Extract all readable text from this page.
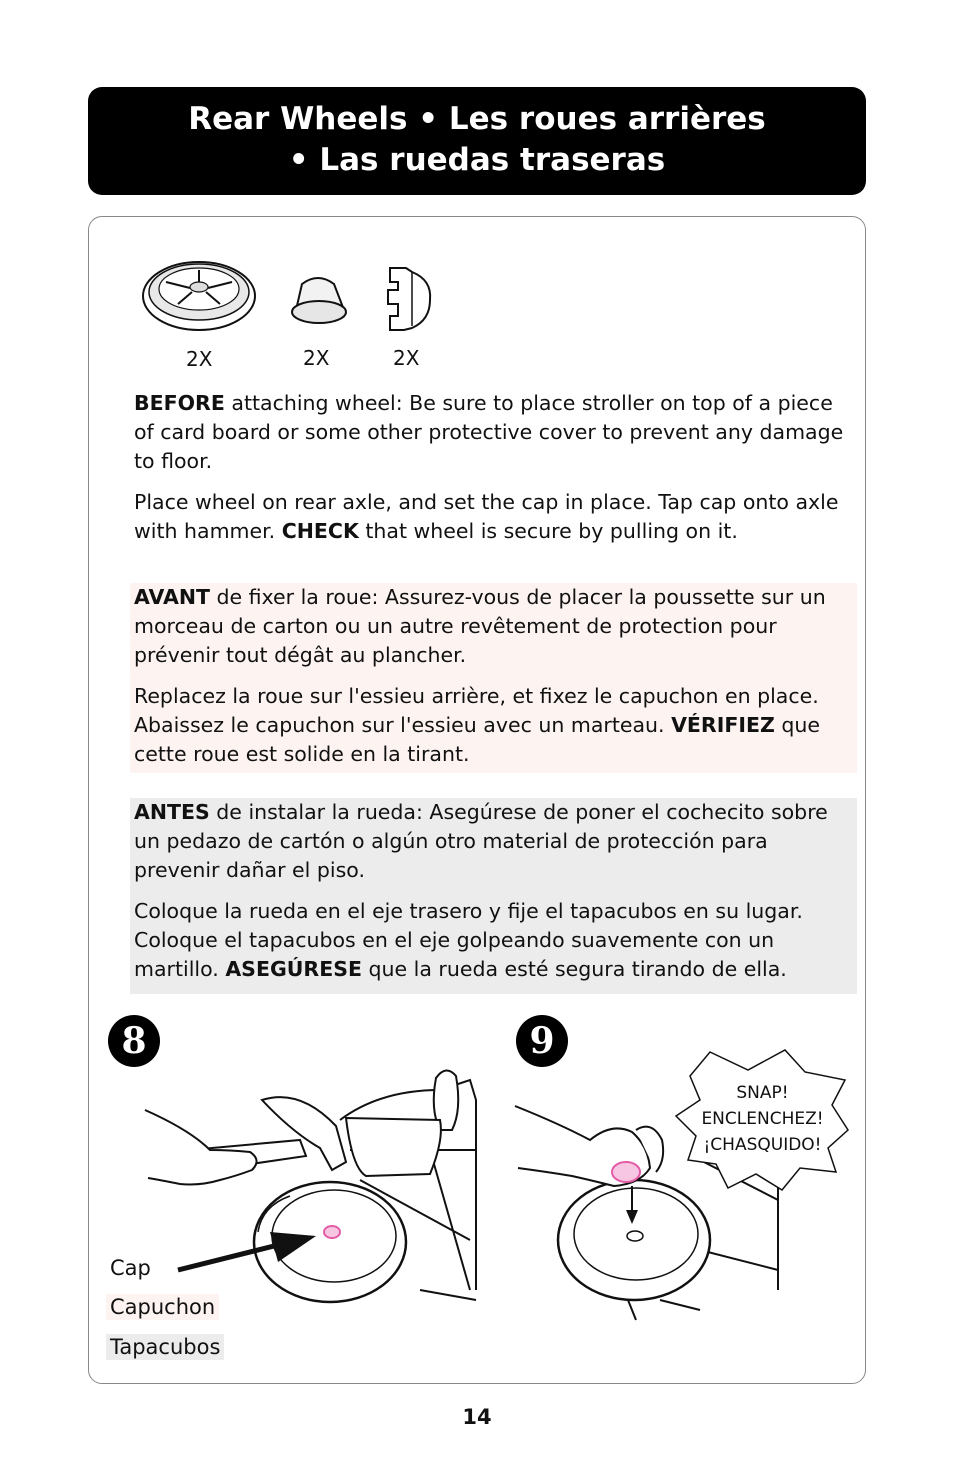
Rear Wheels • Les roues arrières
• Las ruedas traseras
2X	2X	2X

BEFORE attaching wheel: Be sure to place stroller on top of a piece of card board or some other protective cover to prevent any damage to floor.

Place wheel on rear axle, and set the cap in place. Tap cap onto axle with hammer. CHECK that wheel is secure by pulling on it.

AVANT de fixer la roue: Assurez-vous de placer la poussette sur un morceau de carton ou un autre revêtement de protection pour prévenir tout dégât au plancher.

Replacez la roue sur l'essieu arrière, et fixez le capuchon en place. Abaissez le capuchon sur l'essieu avec un marteau. VÉRIFIEZ que cette roue est solide en la tirant.

ANTES de instalar la rueda: Asegúrese de poner el cochecito sobre un pedazo de cartón o algún otro material de protección para prevenir dañar el piso.

Coloque la rueda en el eje trasero y fije el tapacubos en su lugar. Coloque el tapacubos en el eje golpeando suavemente con un martillo. ASEGÚRESE que la rueda esté segura tirando de ella.

8	9
SNAP!
ENCLENCHEZ!
¡CHASQUIDO!
Cap
Capuchon
Tapacubos
14
